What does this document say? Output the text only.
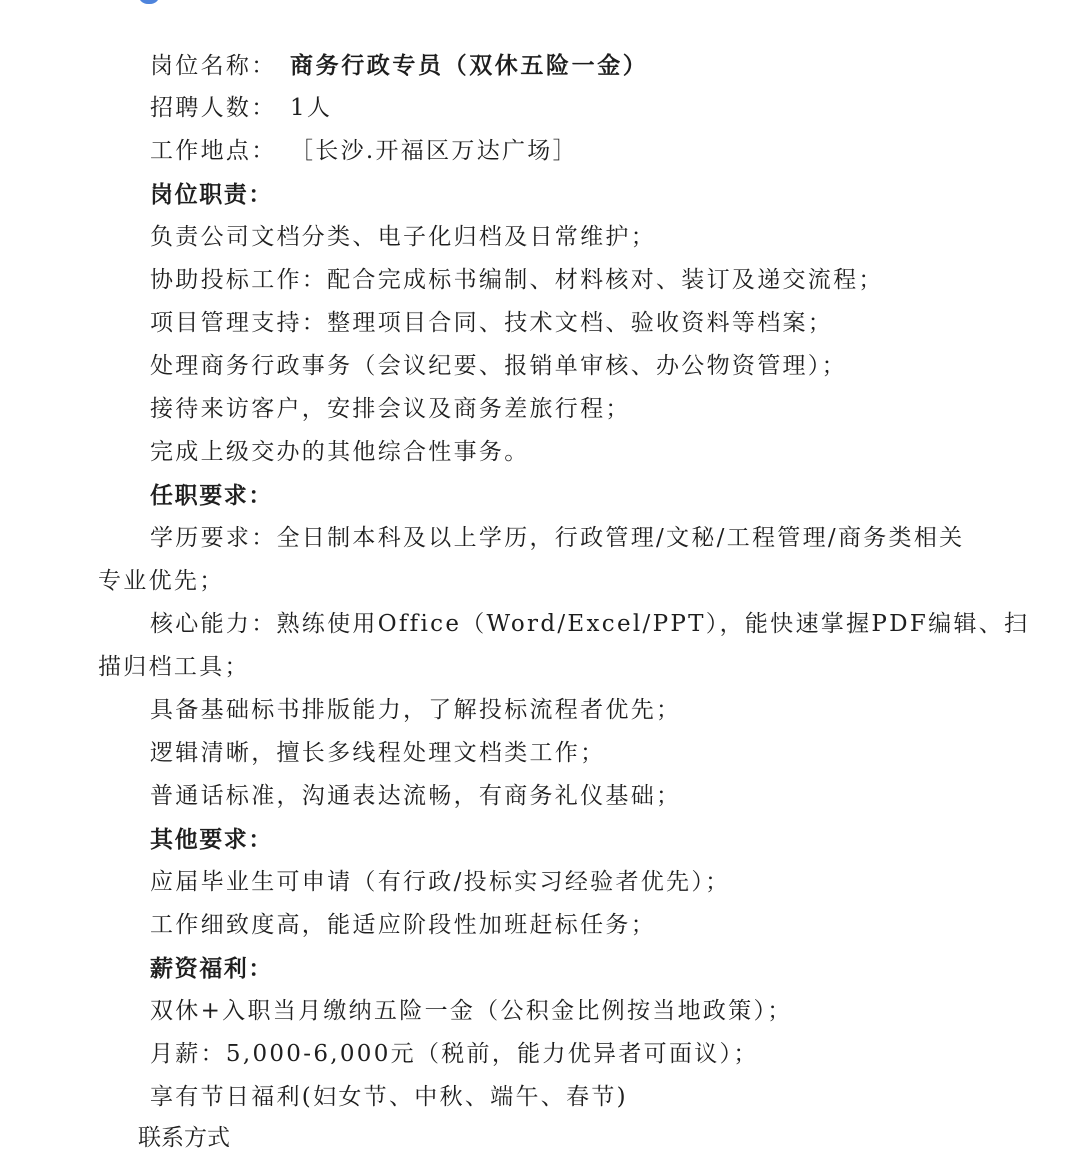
岗位名称： 商务行政专员（双休五险一金）
招聘人数： 1人
工作地点： ［长沙.开福区万达广场］
岗位职责：
负责公司文档分类、电子化归档及日常维护；
协助投标工作：配合完成标书编制、材料核对、装订及递交流程；
项目管理支持：整理项目合同、技术文档、验收资料等档案；
处理商务行政事务（会议纪要、报销单审核、办公物资管理）；
接待来访客户，安排会议及商务差旅行程；
完成上级交办的其他综合性事务。
任职要求：
学历要求：全日制本科及以上学历，行政管理/文秘/工程管理/商务类相关
专业优先；
核心能力：熟练使用Office（Word/Excel/PPT），能快速掌握PDF编辑、扫
描归档工具；
具备基础标书排版能力，了解投标流程者优先；
逻辑清晰，擅长多线程处理文档类工作；
普通话标准，沟通表达流畅，有商务礼仪基础；
其他要求：
应届毕业生可申请（有行政/投标实习经验者优先）；
工作细致度高，能适应阶段性加班赶标任务；
薪资福利：
双休+入职当月缴纳五险一金（公积金比例按当地政策）；
月薪：5,000-6,000元（税前，能力优异者可面议）；
享有节日福利(妇女节、中秋、端午、春节)
联系方式
